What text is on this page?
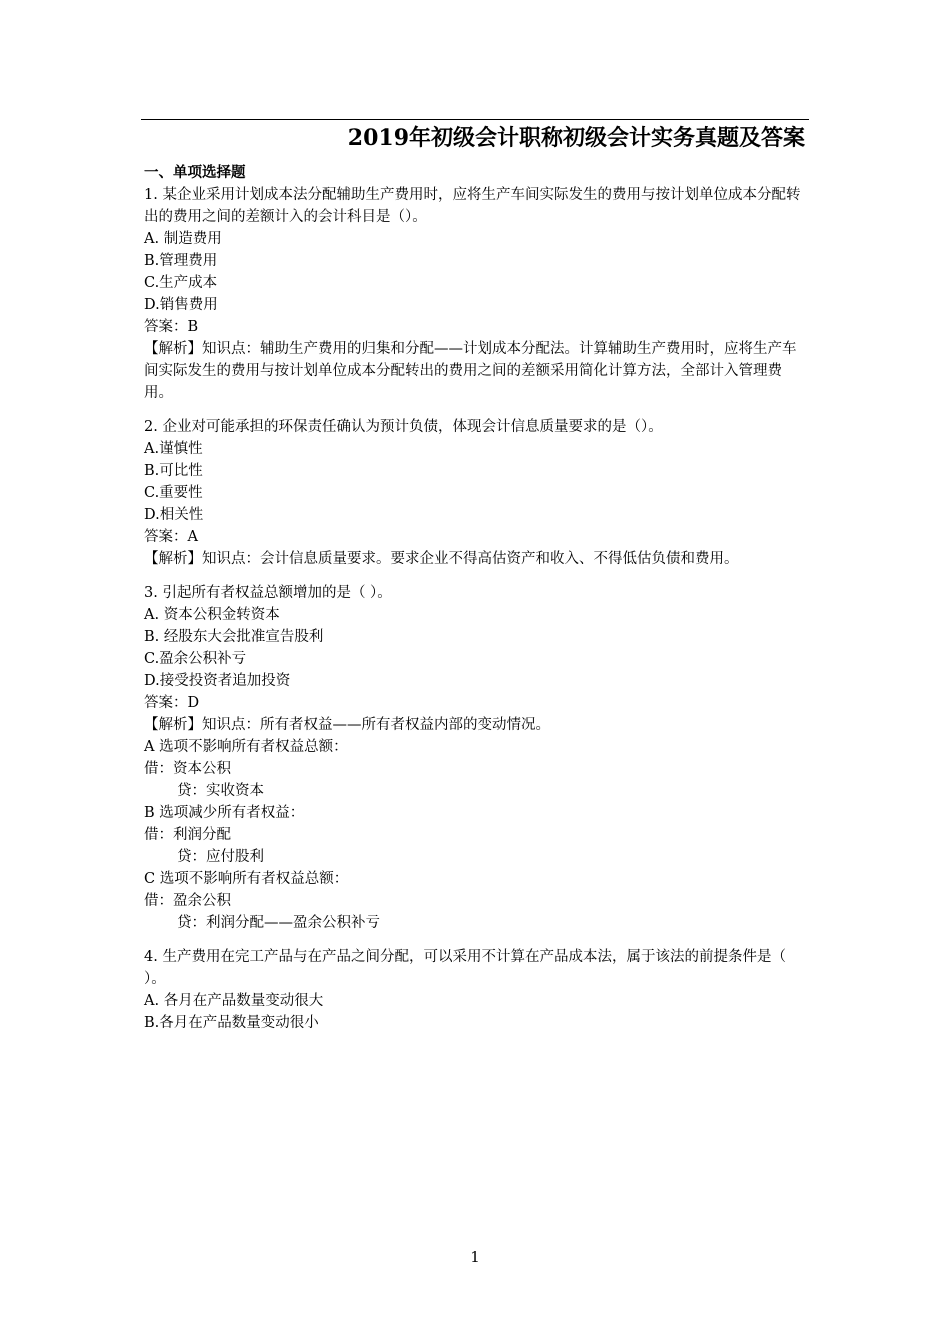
2019年初级会计职称初级会计实务真题及答案
一、单项选择题
1. 某企业采用计划成本法分配辅助生产费用时，应将生产车间实际发生的费用与按计划单位成本分配转出的费用之间的差额计入的会计科目是（）。
A. 制造费用
B.管理费用
C.生产成本
D.销售费用
答案：B
【解析】知识点：辅助生产费用的归集和分配——计划成本分配法。计算辅助生产费用时，应将生产车间实际发生的费用与按计划单位成本分配转出的费用之间的差额采用简化计算方法，全部计入管理费用。
2. 企业对可能承担的环保责任确认为预计负债，体现会计信息质量要求的是（）。
A.谨慎性
B.可比性
C.重要性
D.相关性
答案：A
【解析】知识点：会计信息质量要求。要求企业不得高估资产和收入、不得低估负债和费用。
3. 引起所有者权益总额增加的是（ ）。
A. 资本公积金转资本
B. 经股东大会批准宣告股利
C.盈余公积补亏
D.接受投资者追加投资
答案：D
【解析】知识点：所有者权益——所有者权益内部的变动情况。
A 选项不影响所有者权益总额：
借：资本公积
贷：实收资本
B 选项减少所有者权益：
借：利润分配
贷：应付股利
C 选项不影响所有者权益总额：
借：盈余公积
贷：利润分配——盈余公积补亏
4. 生产费用在完工产品与在产品之间分配，可以采用不计算在产品成本法，属于该法的前提条件是（ ）。
A. 各月在产品数量变动很大
B.各月在产品数量变动很小
1
